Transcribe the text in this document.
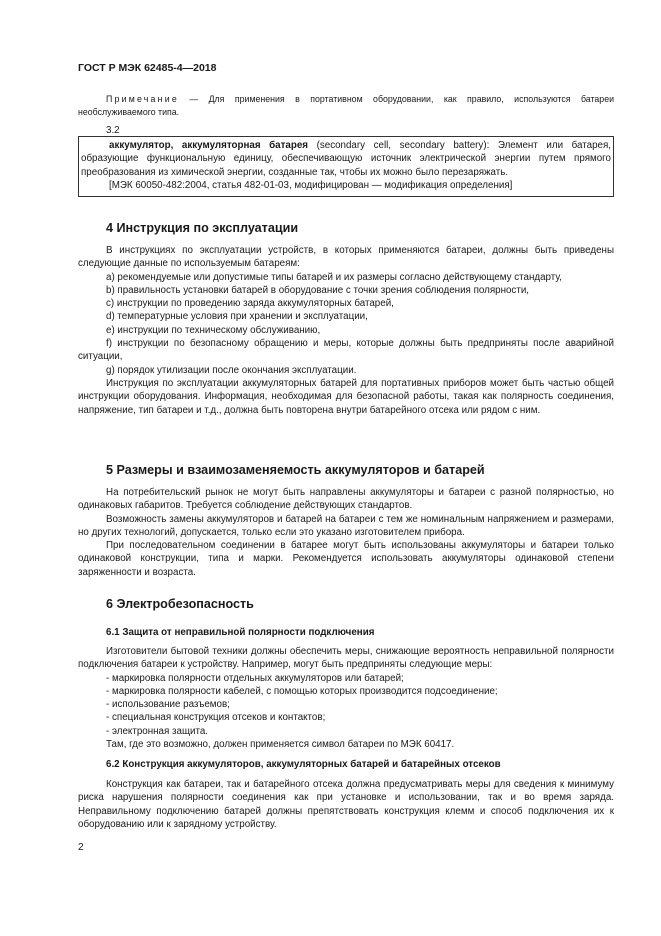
ГОСТ Р МЭК 62485-4—2018
Примечание — Для применения в портативном оборудовании, как правило, используются батареи необслуживаемого типа.
3.2

аккумулятор, аккумуляторная батарея (secondary cell, secondary battery): Элемент или батарея, образующие функциональную единицу, обеспечивающую источник электрической энергии путем прямого преобразования из химической энергии, созданные так, чтобы их можно было перезаряжать.

[МЭК 60050-482:2004, статья 482-01-03, модифицирован — модификация определения]

4 Инструкция по эксплуатации

В инструкциях по эксплуатации устройств, в которых применяются батареи, должны быть приведены следующие данные по используемым батареям:

a) рекомендуемые или допустимые типы батарей и их размеры согласно действующему стандарту,

b) правильность установки батарей в оборудование с точки зрения соблюдения полярности,

c) инструкции по проведению заряда аккумуляторных батарей,

d) температурные условия при хранении и эксплуатации,

e) инструкции по техническому обслуживанию,

f) инструкции по безопасному обращению и меры, которые должны быть предприняты после аварийной ситуации,

g) порядок утилизации после окончания эксплуатации.

Инструкция по эксплуатации аккумуляторных батарей для портативных приборов может быть частью общей инструкции оборудования. Информация, необходимая для безопасной работы, такая как полярность соединения, напряжение, тип батареи и т.д., должна быть повторена внутри батарейного отсека или рядом с ним.

5 Размеры и взаимозаменяемость аккумуляторов и батарей

На потребительский рынок не могут быть направлены аккумуляторы и батареи с разной полярностью, но одинаковых габаритов. Требуется соблюдение действующих стандартов.

Возможность замены аккумуляторов и батарей на батареи с тем же номинальным напряжением и размерами, но других технологий, допускается, только если это указано изготовителем прибора.

При последовательном соединении в батарее могут быть использованы аккумуляторы и батареи только одинаковой конструкции, типа и марки. Рекомендуется использовать аккумуляторы одинаковой степени заряженности и возраста.

6 Электробезопасность
6.1 Защита от неправильной полярности подключения

Изготовители бытовой техники должны обеспечить меры, снижающие вероятность неправильной полярности подключения батареи к устройству. Например, могут быть предприняты следующие меры:

- маркировка полярности отдельных аккумуляторов или батарей;

- маркировка полярности кабелей, с помощью которых производится подсоединение;

- использование разъемов;

- специальная конструкция отсеков и контактов;

- электронная защита.

Там, где это возможно, должен применяется символ батареи по МЭК 60417.

6.2 Конструкция аккумуляторов, аккумуляторных батарей и батарейных отсеков

Конструкция как батареи, так и батарейного отсека должна предусматривать меры для сведения к минимуму риска нарушения полярности соединения как при установке и использовании, так и во время заряда. Неправильному подключению батарей должны препятствовать конструкция клемм и способ подключения их к оборудованию или к зарядному устройству.

2
